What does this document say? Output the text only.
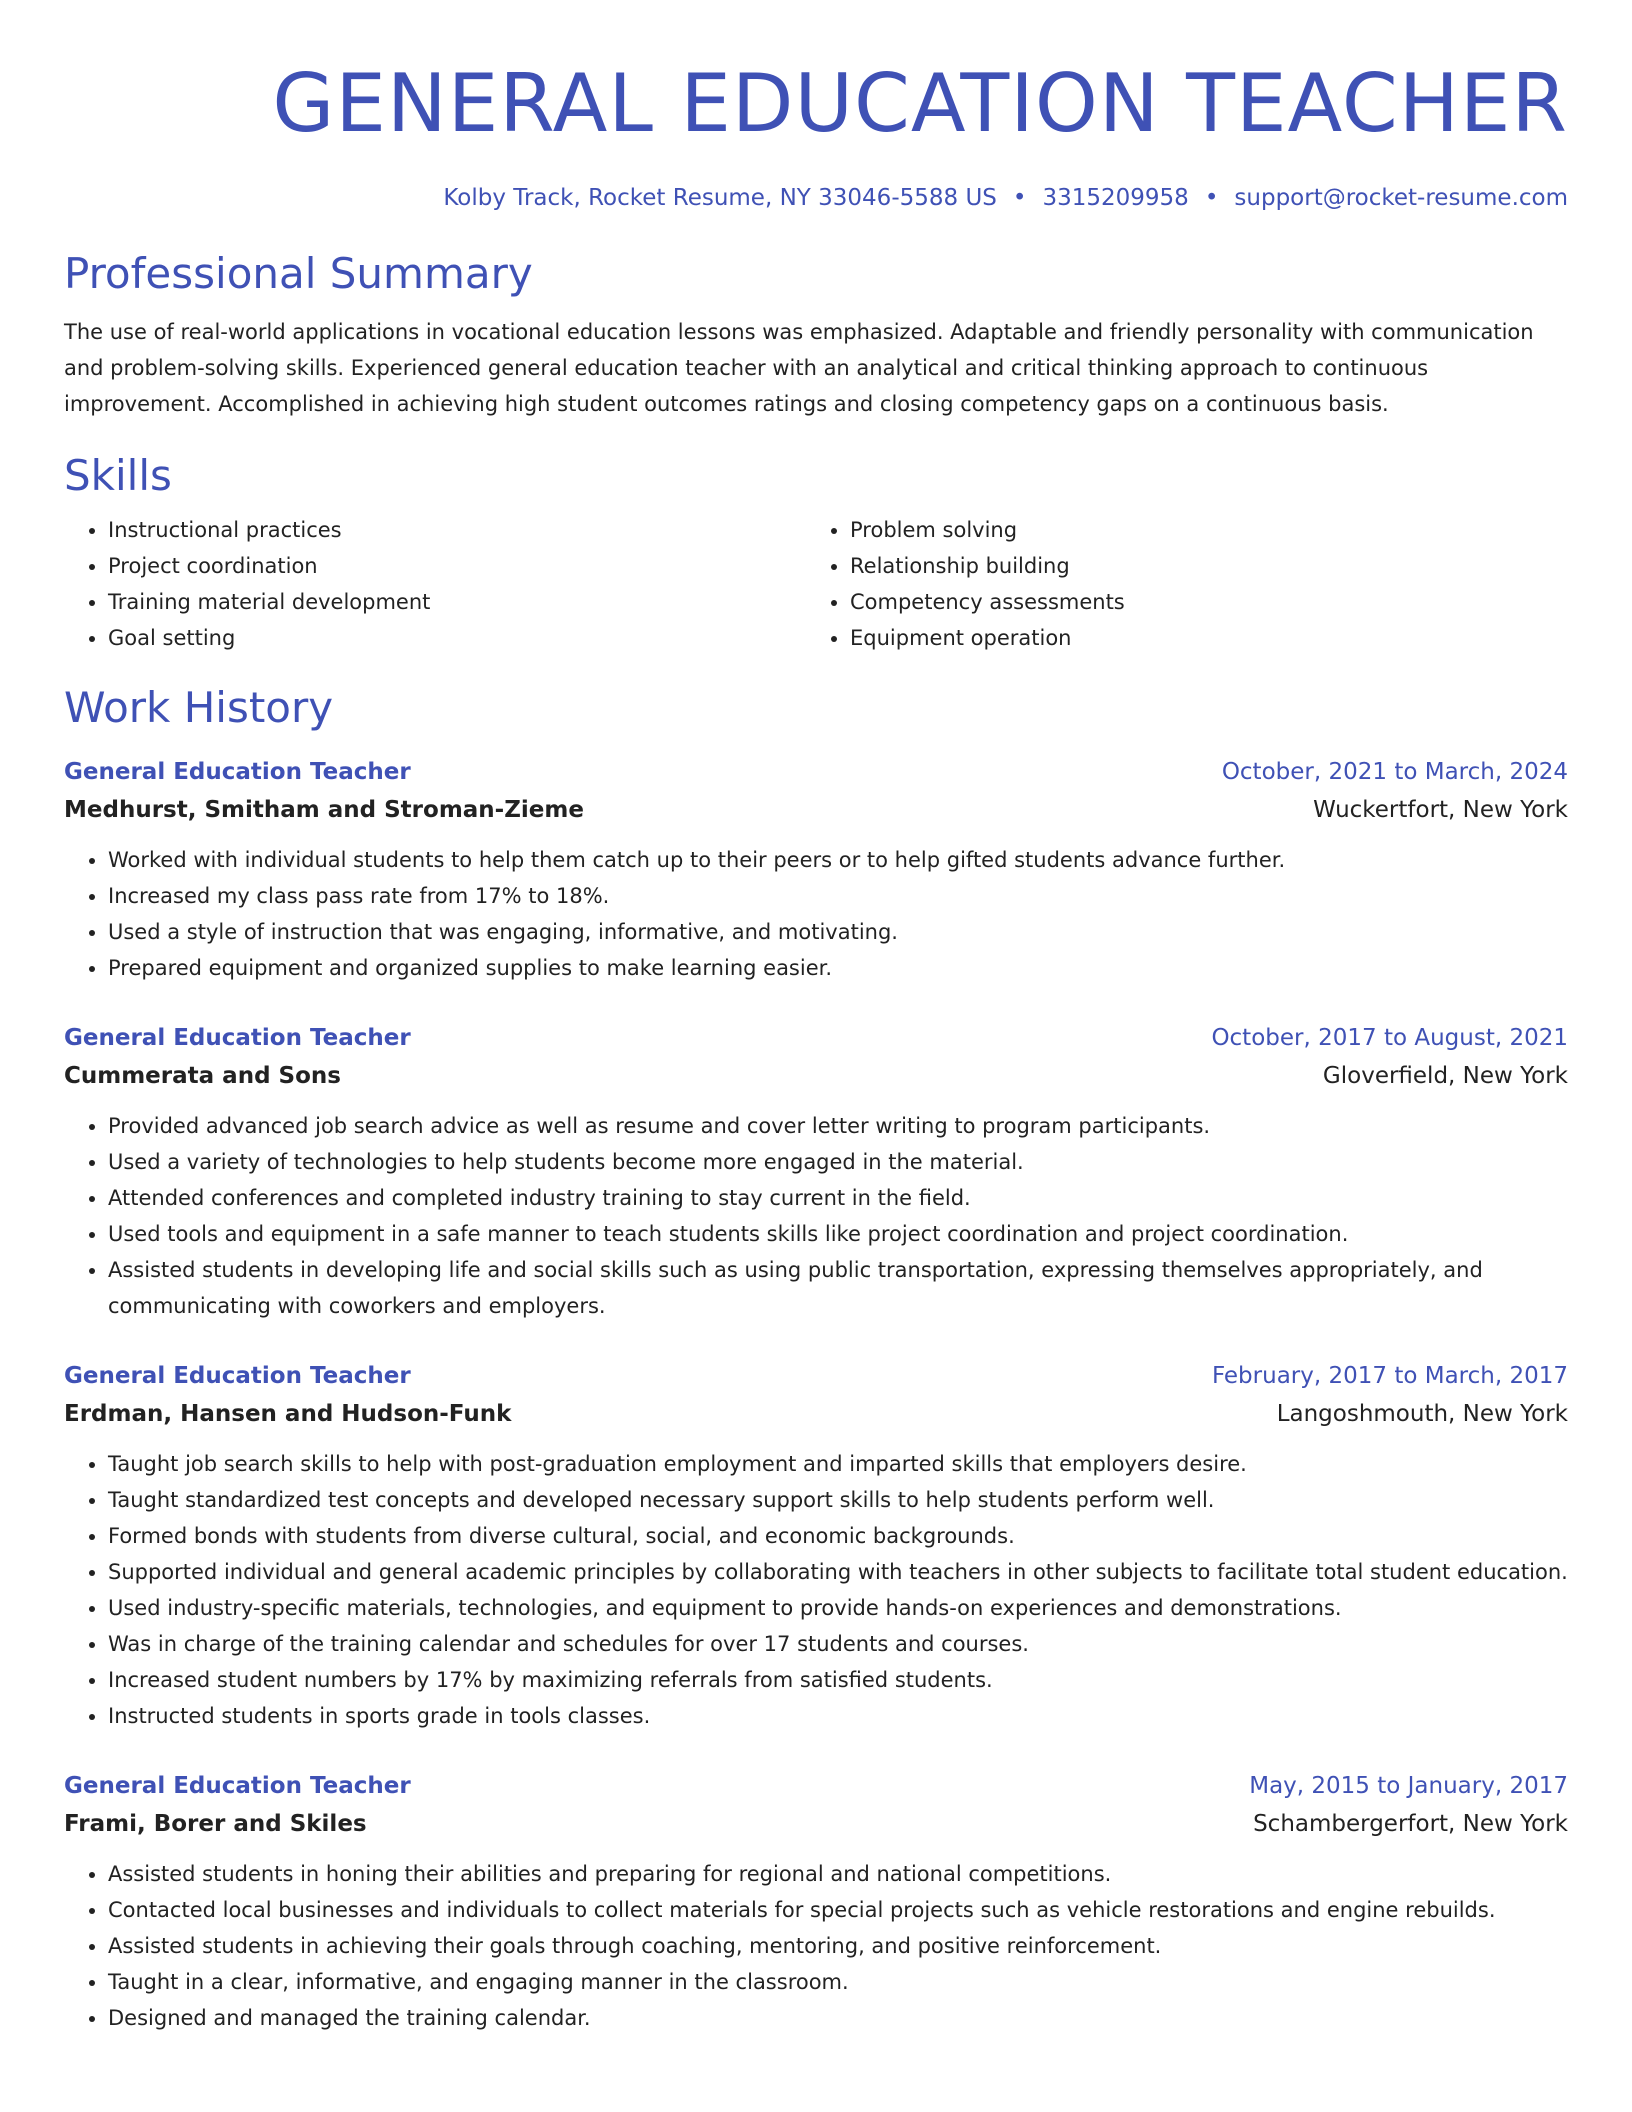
GENERAL EDUCATION TEACHER
Kolby Track, Rocket Resume, NY 33046-5588 US • 3315209958 • support@rocket-resume.com
Professional Summary
The use of real-world applications in vocational education lessons was emphasized. Adaptable and friendly personality with communication and problem-solving skills. Experienced general education teacher with an analytical and critical thinking approach to continuous improvement. Accomplished in achieving high student outcomes ratings and closing competency gaps on a continuous basis.
Skills
• Instructional practices
• Project coordination
• Training material development
• Goal setting
• Problem solving
• Relationship building
• Competency assessments
• Equipment operation
Work History
General Education Teacher	October, 2021 to March, 2024
Medhurst, Smitham and Stroman-Zieme	Wuckertfort, New York
• Worked with individual students to help them catch up to their peers or to help gifted students advance further.
• Increased my class pass rate from 17% to 18%.
• Used a style of instruction that was engaging, informative, and motivating.
• Prepared equipment and organized supplies to make learning easier.
General Education Teacher	October, 2017 to August, 2021
Cummerata and Sons	Gloverfield, New York
• Provided advanced job search advice as well as resume and cover letter writing to program participants.
• Used a variety of technologies to help students become more engaged in the material.
• Attended conferences and completed industry training to stay current in the field.
• Used tools and equipment in a safe manner to teach students skills like project coordination and project coordination.
• Assisted students in developing life and social skills such as using public transportation, expressing themselves appropriately, and communicating with coworkers and employers.
General Education Teacher	February, 2017 to March, 2017
Erdman, Hansen and Hudson-Funk	Langoshmouth, New York
• Taught job search skills to help with post-graduation employment and imparted skills that employers desire.
• Taught standardized test concepts and developed necessary support skills to help students perform well.
• Formed bonds with students from diverse cultural, social, and economic backgrounds.
• Supported individual and general academic principles by collaborating with teachers in other subjects to facilitate total student education.
• Used industry-specific materials, technologies, and equipment to provide hands-on experiences and demonstrations.
• Was in charge of the training calendar and schedules for over 17 students and courses.
• Increased student numbers by 17% by maximizing referrals from satisfied students.
• Instructed students in sports grade in tools classes.
General Education Teacher	May, 2015 to January, 2017
Frami, Borer and Skiles	Schambergerfort, New York
• Assisted students in honing their abilities and preparing for regional and national competitions.
• Contacted local businesses and individuals to collect materials for special projects such as vehicle restorations and engine rebuilds.
• Assisted students in achieving their goals through coaching, mentoring, and positive reinforcement.
• Taught in a clear, informative, and engaging manner in the classroom.
• Designed and managed the training calendar.
